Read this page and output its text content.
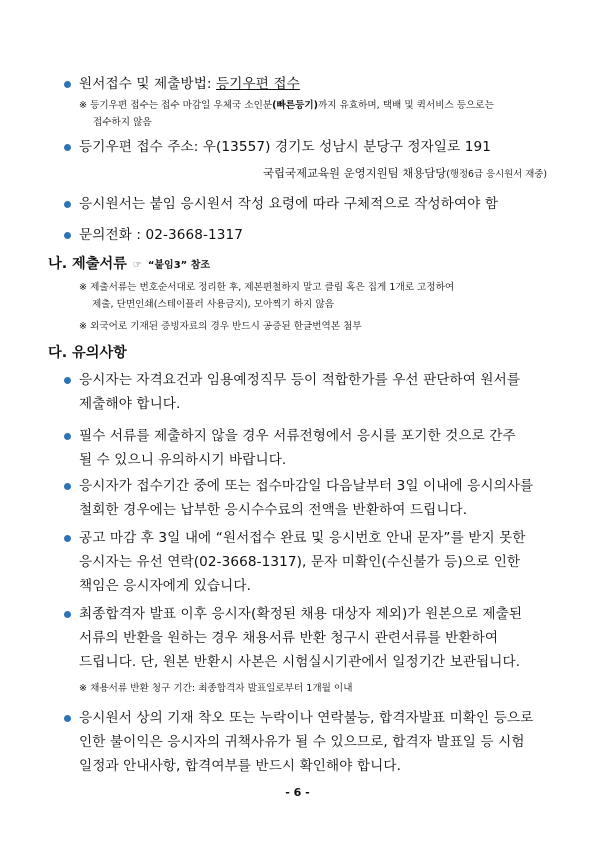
원서접수 및 제출방법: 등기우편 접수
※ 등기우편 접수는 접수 마감일 우체국 소인분(빠른등기)까지 유효하며, 택배 및 퀵서비스 등으로는
접수하지 않음
등기우편 접수 주소: 우(13557) 경기도 성남시 분당구 정자일로 191
국립국제교육원 운영지원팀 채용담당(행정6급 응시원서 재중)
응시원서는 붙임 응시원서 작성 요령에 따라 구체적으로 작성하여야 함
문의전화 : 02-3668-1317
나. 제출서류 ☞ “붙임3” 참조
※ 제출서류는 번호순서대로 정리한 후, 제본편철하지 말고 클립 혹은 집게 1개로 고정하여
제출, 단면인쇄(스테이플러 사용금지), 모아찍기 하지 않음
※ 외국어로 기재된 증빙자료의 경우 반드시 공증된 한글번역본 첨부
다. 유의사항
응시자는 자격요건과 임용예정직무 등이 적합한가를 우선 판단하여 원서를
제출해야 합니다.
필수 서류를 제출하지 않을 경우 서류전형에서 응시를 포기한 것으로 간주
될 수 있으니 유의하시기 바랍니다.
응시자가 접수기간 중에 또는 접수마감일 다음날부터 3일 이내에 응시의사를
철회한 경우에는 납부한 응시수수료의 전액을 반환하여 드립니다.
공고 마감 후 3일 내에 “원서접수 완료 및 응시번호 안내 문자”를 받지 못한
응시자는 유선 연락(02-3668-1317), 문자 미확인(수신불가 등)으로 인한
책임은 응시자에게 있습니다.
최종합격자 발표 이후 응시자(확정된 채용 대상자 제외)가 원본으로 제출된
서류의 반환을 원하는 경우 채용서류 반환 청구시 관련서류를 반환하여
드립니다. 단, 원본 반환시 사본은 시험실시기관에서 일정기간 보관됩니다.
※ 채용서류 반환 청구 기간: 최종합격자 발표일로부터 1개월 이내
응시원서 상의 기재 착오 또는 누락이나 연락불능, 합격자발표 미확인 등으로
인한 불이익은 응시자의 귀책사유가 될 수 있으므로, 합격자 발표일 등 시험
일정과 안내사항, 합격여부를 반드시 확인해야 합니다.
- 6 -
